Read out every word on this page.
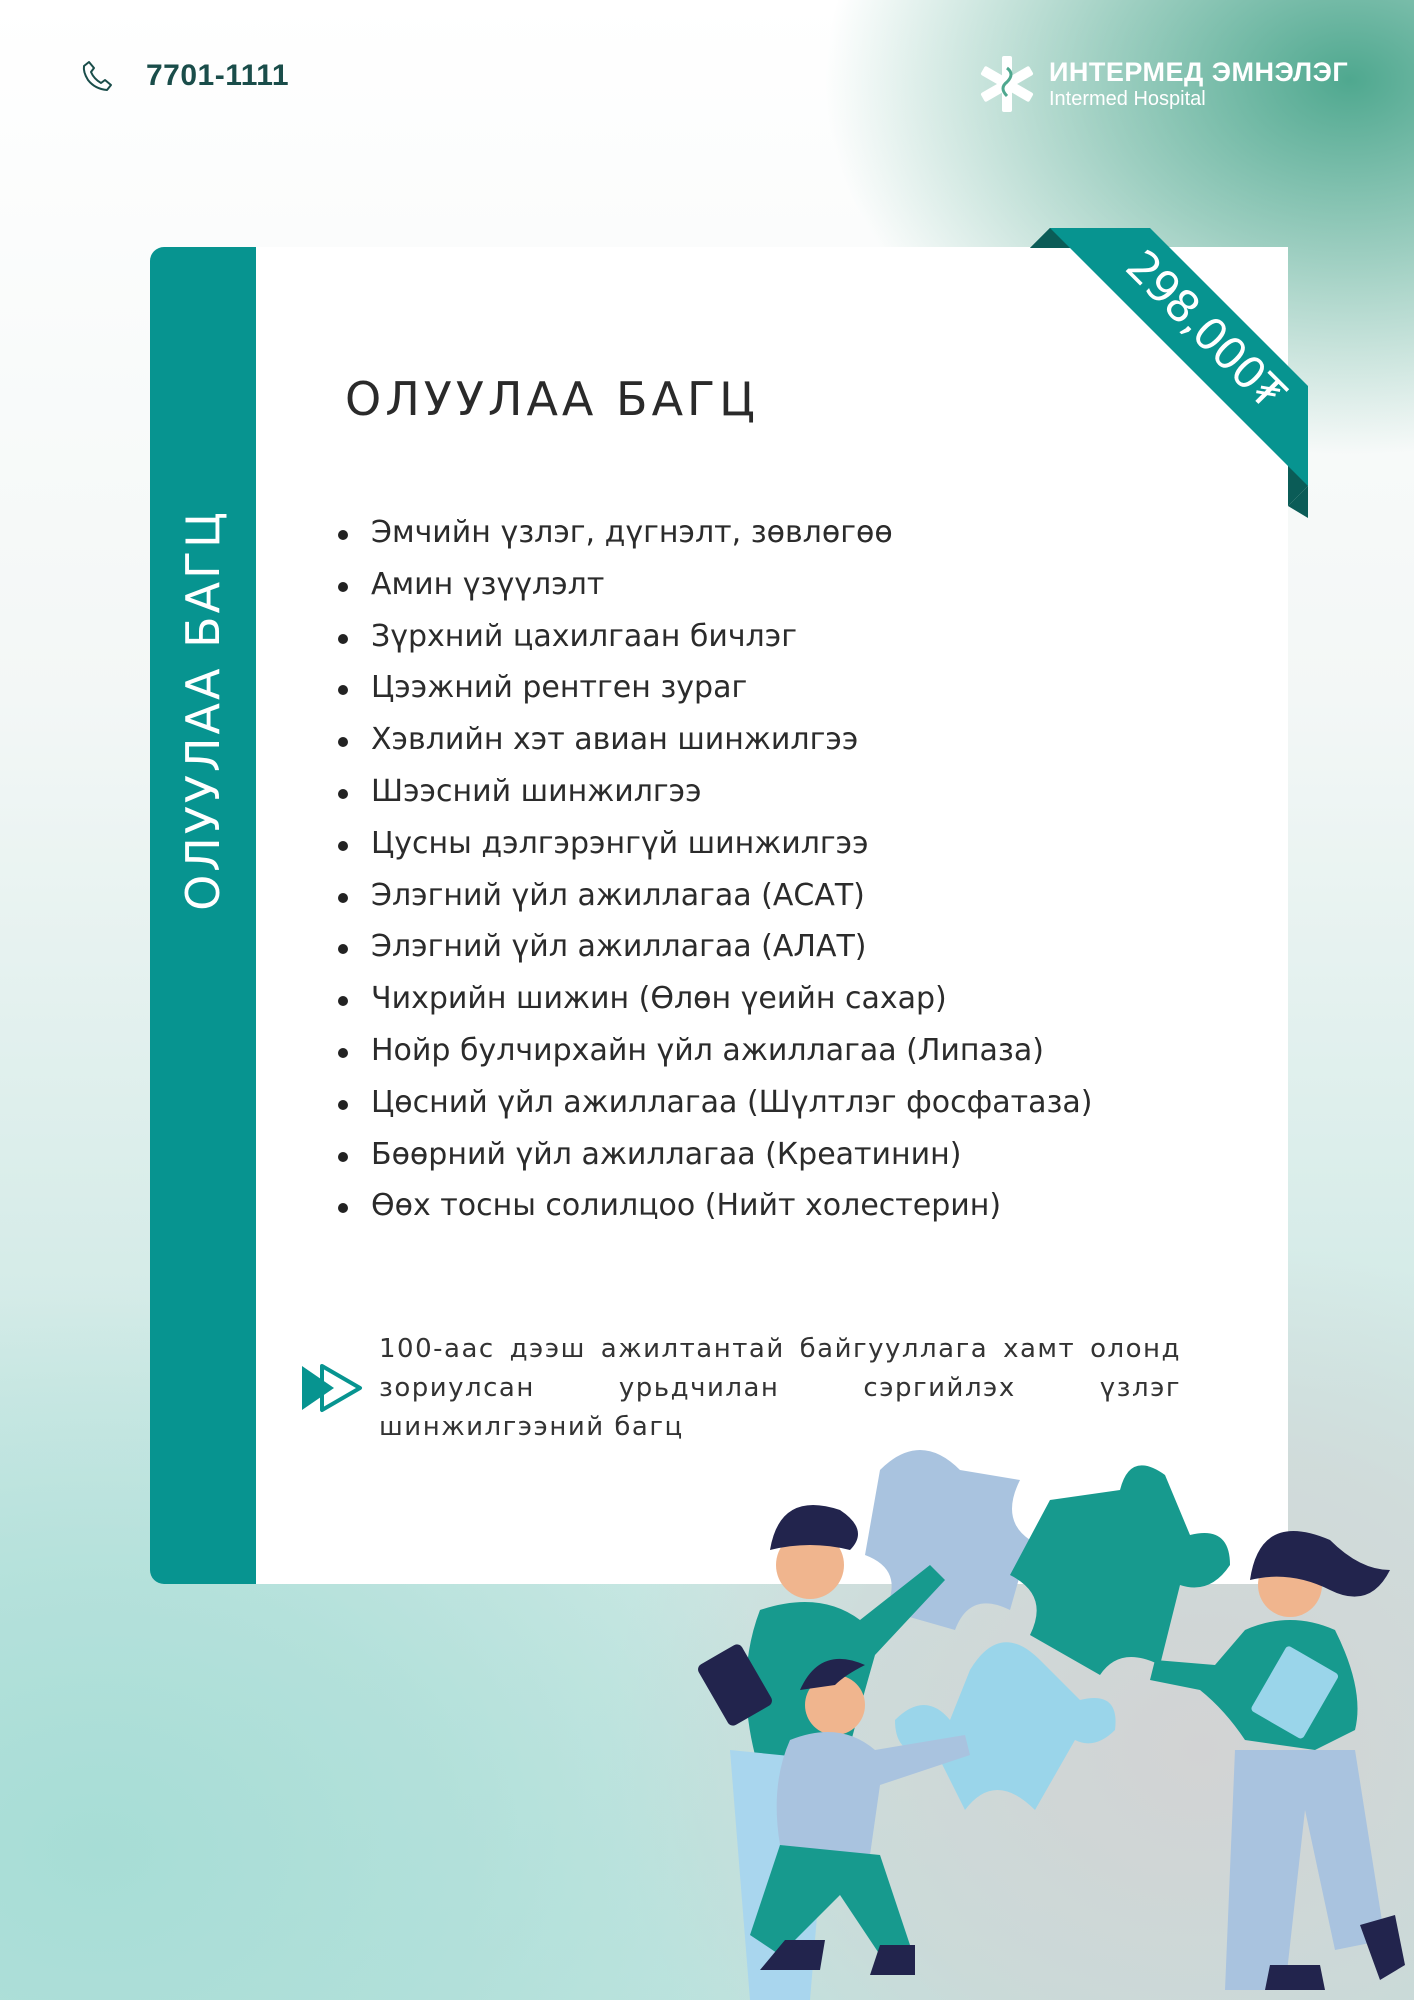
7701-1111	ИНТЕРМЕД ЭМНЭЛЭГ
Intermed Hospital
ОЛУУЛАА БАГЦ
298,000₮
ОЛУУЛАА БАГЦ
Эмчийн үзлэг, дүгнэлт, зөвлөгөө
Амин үзүүлэлт
Зүрхний цахилгаан бичлэг
Цээжний рентген зураг
Хэвлийн хэт авиан шинжилгээ
Шээсний шинжилгээ
Цусны дэлгэрэнгүй шинжилгээ
Элэгний үйл ажиллагаа (АСАТ)
Элэгний үйл ажиллагаа (АЛАТ)
Чихрийн шижин (Өлөн үеийн сахар)
Нойр булчирхайн үйл ажиллагаа (Липаза)
Цөсний үйл ажиллагаа (Шүлтлэг фосфатаза)
Бөөрний үйл ажиллагаа (Креатинин)
Өөх тосны солилцоо (Нийт холестерин)
100-аас дээш ажилтантай байгууллага хамт олонд зориулсан урьдчилан сэргийлэх үзлэг шинжилгээний багц
